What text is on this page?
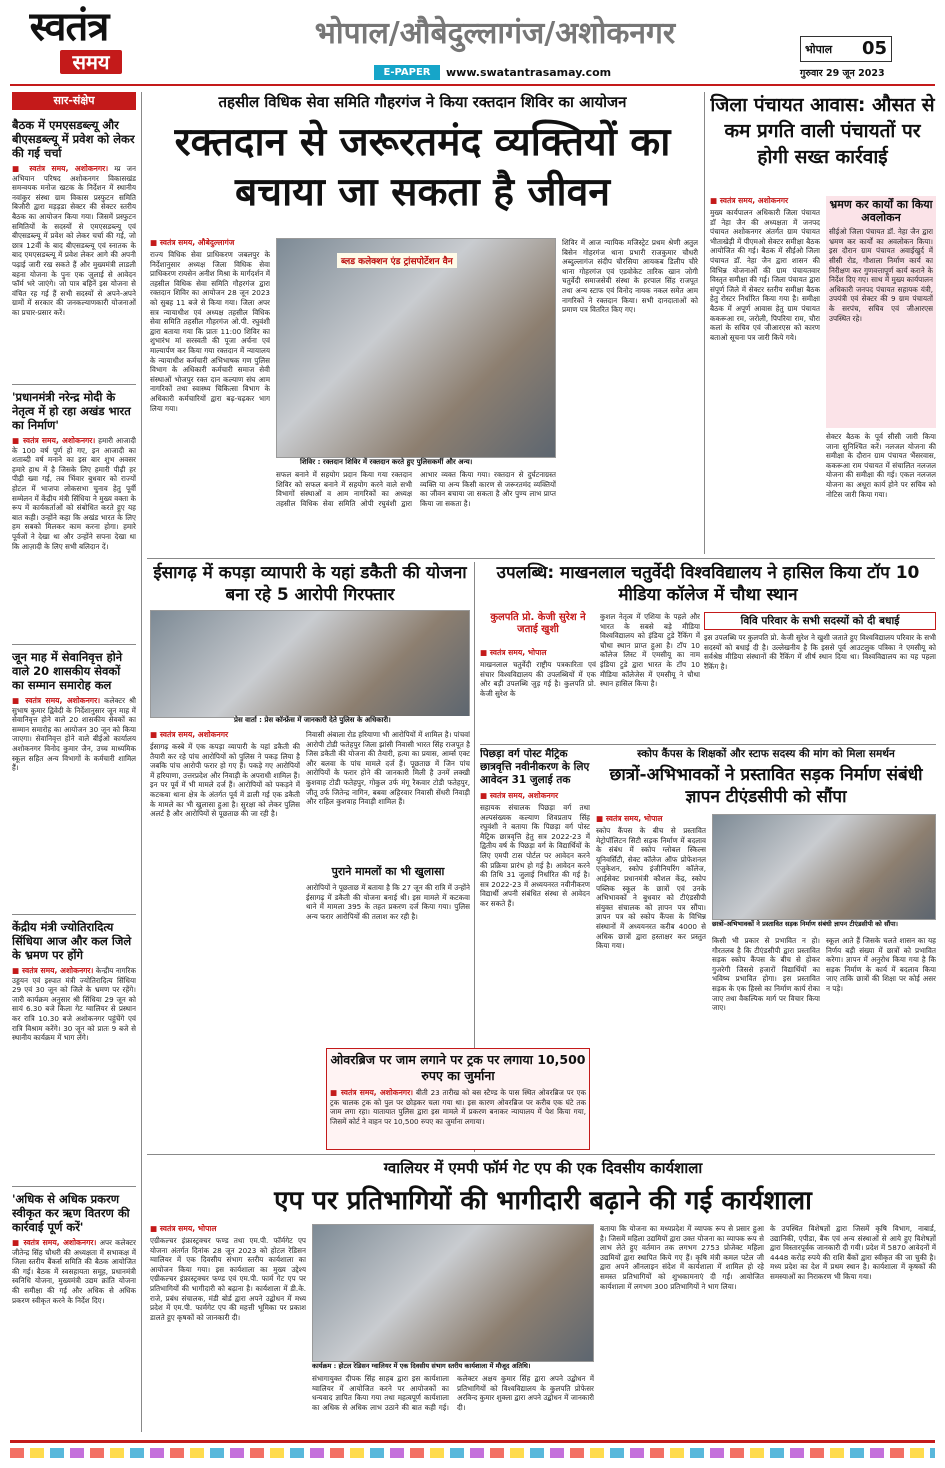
स्वतंत्र
समय
भोपाल/औबेदुल्लागंज/अशोकनगर
E-PAPER	www.swatantrasamay.com
भोपाल 05
गुरुवार 29 जून 2023
सार-संक्षेप
बैठक में एमएसडब्ल्यू और बीएसडब्ल्यू में प्रवेश को लेकर की गई चर्चा
■ स्वतंत्र समय, अशोकनगर। म्प्र जन अभियान परिषद अशोकनगर विकासखंड समन्वयक मनोज खटक के निर्देशन में स्थानीय नवांकुर संस्था ग्राम विकास प्रस्फुटन समिति बिजौरी द्वारा मड़ड़डा सेक्टर की सेक्टर स्तरीय बैठक का आयोजन किया गया। जिसमें प्रस्फुटन समितियों के सदस्यों से एमएसडब्ल्यू एवं बीएसडब्ल्यू में प्रवेश को लेकर चर्चा की गई, जो छात्र 12वीं के बाद बीएसडब्ल्यू एवं स्नातक के बाद एमएसडब्ल्यू में प्रवेश लेकर आगे की अपनी पढ़ाई जारी रख सकते हैं और मुख्यमंत्री लाडली बहना योजना के पुनः एक जुलाई से आवेदन फॉर्म भरे जाएंगे। जो पात्र बहिनें इस योजना से वंचित रह गई हैं सभी सदस्यों से अपने-अपने ग्रामों में सरकार की जनकल्याणकारी योजनाओं का प्रचार-प्रसार करें।
'प्रधानमंत्री नरेन्द्र मोदी के नेतृत्व में हो रहा अखंड भारत का निर्माण'
■ स्वतंत्र समय, अशोकनगर। हमारी आजादी के 100 वर्ष पूर्ण हो गए, इन आजादी का शताब्दी वर्ष मनाने का इस बार शुभ अवसर हमारे हाथ में है जिसके लिए हमारी पीढ़ी हर पीढ़ी ख्वा गई, तब भिंवार बुधवार को राज्यों होटल में भाजपा लोकसभा चुनाव हेतु पूर्वी सम्मेलन में केंद्रीय मंत्री सिंधिया ने मुख्य वक्ता के रूप में कार्यकर्ताओं को संबोधित करते हुए यह बात कही। उन्होंने कहा कि अखंड भारत के लिए हम सबको मिलकर काम करना होगा। हमारे पूर्वजों ने देखा था और उन्होंने सपना देखा था कि आज़ादी के लिए सभी बलिदान दें।
जून माह में सेवानिवृत्त होने वाले 20 शासकीय सेवकों का सम्मान समारोह कल
■ स्वतंत्र समय, अशोकनगर। कलेक्टर श्री सुभाष कुमार द्विवेदी के निर्देशानुसार जून माह में सेवानिवृत्त होने वाले 20 शासकीय सेवकों का सम्मान समारोह का आयोजन 30 जून को किया जाएगा। सेवानिवृत्त होने वाले बीईओ कार्यालय अशोकनगर विनोद कुमार जैन, उच्च माध्यमिक स्कूल सहित अन्य विभागों के कर्मचारी शामिल हैं।
केंद्रीय मंत्री ज्योतिरादित्य सिंधिया आज और कल जिले के भ्रमण पर होंगे
■ स्वतंत्र समय, अशोकनगर। केन्द्रीय नागरिक उड्डयन एवं इस्पात मंत्री ज्योतिरादित्य सिंधिया 29 एवं 30 जून को जिले के भ्रमण पर रहेंगे। जारी कार्यक्रम अनुसार श्री सिंधिया 29 जून को सायं 6.30 बजे किला गेट ग्वालियर से प्रस्थान कर रात्रि 10.30 बजे अशोकनगर पहुंचेंगे एवं रात्रि विश्राम करेंगे। 30 जून को प्रातः 9 बजे से स्थानीय कार्यक्रम में भाग लेंगे।
'अधिक से अधिक प्रकरण स्वीकृत कर ऋण वितरण की कार्रवाई पूर्ण करें'
■ स्वतंत्र समय, अशोकनगर। अपर कलेक्टर जीतेन्द्र सिंह चौधरी की अध्यक्षता में सभाकक्ष में जिला स्तरीय बैंकर्स समिति की बैठक आयोजित की गई। बैठक में स्वसहायता समूह, प्रधानमंत्री स्वनिधि योजना, मुख्यमंत्री उद्यम क्रांति योजना की समीक्षा की गई और अधिक से अधिक प्रकरण स्वीकृत करने के निर्देश दिए।
तहसील विधिक सेवा समिति गौहरगंज ने किया रक्तदान शिविर का आयोजन
रक्तदान से जरूरतमंद व्यक्तियों का बचाया जा सकता है जीवन
■ स्वतंत्र समय, औबेदुल्लागंज
राज्य विधिक सेवा प्राधिकरण जबलपुर के निर्देशानुसार अध्यक्ष जिला विधिक सेवा प्राधिकरण रायसेन अनीश मिश्रा के मार्गदर्शन में तहसील विधिक सेवा समिति गौहरगंज द्वारा रक्तदान शिविर का आयोजन 28 जून 2023 को सुबह 11 बजे से किया गया। जिला अपर सत्र न्यायाधीश एवं अध्यक्ष तहसील विधिक सेवा समिति तहसील गौहरगंज ओ.पी. रघुवंशी द्वारा बताया गया कि प्रातः 11:00 शिविर का शुभारंभ मां सरस्वती की पूजा अर्चना एवं माल्यार्पण कर किया गया रक्तदान में न्यायालय के न्यायाधीश कर्मचारी अभिभाषक गण पुलिस विभाग के अधिकारी कर्मचारी समाज सेवी संस्थाओं भोजपुर रक्त दान कल्याण संघ आम नागरिकों तथा स्वास्थ्य चिकित्सा विभाग के अधिकारी कर्मचारियों द्वारा बढ़-चढ़कर भाग लिया गया।
ब्लड कलेक्शन एंड ट्रांसपोर्टेशन वैन
शिविर : रक्तदान शिविर में रक्तदान करते हुए पुलिसकर्मी और अन्य।
सफल बनाने में सहयोग प्रदान किया गया रक्तदान शिविर को सफल बनाने में सहयोग करने वाले सभी विभागों संस्थाओं व आम नागरिकों का अध्यक्ष तहसील विधिक सेवा समिति ओपी रघुवंशी द्वारा आभार व्यक्त किया गया। रक्तदान से दुर्घटनाग्रस्त व्यक्ति या अन्य किसी कारण से जरूरतमंद व्यक्तियों का जीवन बचाया जा सकता है और पुण्य लाभ प्राप्त किया जा सकता है।
शिविर में आज न्यायिक मजिस्ट्रेट प्रथम श्रेणी अतुल बिसेन गोहरगंज थाना प्रभारी राजकुमार चौधरी अब्दुल्लागंज संदीप चौरसिया आयकब डिलीप चौरे थाना गोहरगंज एवं एडवोकेट तारिक खान जोगी चतुर्वेदी समाजसेवी संस्था के हरपाल सिंह राजपूत तथा अन्य स्टाफ एवं विनोद नायक नकल समेत आम नागरिकों ने रक्तदान किया। सभी दानदाताओं को प्रमाण पत्र वितरित किए गए।
जिला पंचायत आवास: औसत से कम प्रगति वाली पंचायतों पर होगी सख्त कार्रवाई
■ स्वतंत्र समय, अशोकनगर
मुख्य कार्यपालन अधिकारी जिला पंचायत डॉ नेहा जैन की अध्यक्षता में जनपद पंचायत अशोकनगर अंतर्गत ग्राम पंचायत भीताखेड़ी में पीएमओ सेक्टर समीक्षा बैठक आयोजित की गई। बैठक में सीईओ जिला पंचायत डॉ. नेहा जैन द्वारा शासन की विभिन्न योजनाओं की ग्राम पंचायतवार विस्तृत समीक्षा की गई। जिला पंचायत द्वारा संपूर्ण जिले में सेक्टर स्तरीय समीक्षा बैठक हेतु रोस्टर निर्धारित किया गया है। समीक्षा बैठक में अपूर्ण आवास हेतु ग्राम पंचायत ककरूआ रम, जरोली, पिपरिया राम, चौरा कलां के सचिव एवं जीआरएस को कारण बताओ सूचना पत्र जारी किये गये।
भ्रमण कर कार्यों का किया अवलोकन
सीईओ जिला पंचायत डॉ. नेहा जैन द्वारा भ्रमण कर कार्यों का अवलोकन किया। इस दौरान ग्राम पंचायत अवाईखुर्द में सीसी रोड, गौशाला निर्माण कार्य का निरीक्षण कर गुणवत्तापूर्ण कार्य कराने के निर्देश दिए गए। साथ में मुख्य कार्यपालन अधिकारी जनपद पंचायत सहायक यंत्री, उपयंत्री एवं सेक्टर की 9 ग्राम पंचायतों के सरपंच, सचिव एवं जीआरएस उपस्थित रहे।
सेक्टर बैठक के पूर्व सीसी जारी किया जाना सुनिश्चित करें। नलजल योजना की समीक्षा के दौरान ग्राम पंचायत भैंसरवास, ककरूआ राम पंचायत में संचालित नलजल योजना की समीक्षा की गई। एकल नलजल योजना का अधूरा कार्य होने पर सचिव को नोटिस जारी किया गया।
ईसागढ़ में कपड़ा व्यापारी के यहां डकैती की योजना बना रहे 5 आरोपी गिरफ्तार
प्रेस वार्ता : प्रेस कॉन्फ्रेंस में जानकारी देते पुलिस के अधिकारी।
■ स्वतंत्र समय, अशोकनगर
ईसागढ़ कस्बे में एक कपड़ा व्यापारी के यहां डकैती की तैयारी कर रहे पांच आरोपियों को पुलिस ने पकड़ लिया है जबकि पांच आरोपी फरार हो गए हैं। पकड़े गए आरोपियों में हरियाणा, उत्तरप्रदेश और निवाड़ी के अपराधी शामिल हैं। इन पर पूर्व में भी मामले दर्ज हैं। आरोपियों को पकड़ने में कटकवा थाना क्षेत्र के अंतर्गत पूर्व में डाली गई एक डकैती के मामले का भी खुलासा हुआ है। सुरक्षा को लेकर पुलिस अलर्ट है और आरोपियों से पूछताछ की जा रही है।
निवासी अंबाला रोड हरियाणा भी आरोपियों में शामिल है। पांचवां आरोपी टोडी फतेहपुर जिला झांसी निवासी भारत सिंह राजपूत है जिस डकैती की योजना की तैयारी, हत्या का प्रयास, आर्म्स एक्ट और बलवा के पांच मामले दर्ज हैं। पूछताछ में जिन पांच आरोपियों के फरार होने की जानकारी मिली है उनमें लक्खी कुशवाह टोडी फतेहपुर, गोकुल उर्फ मंगू रैकवार टोडी फतेहपुर, जीतू उर्फ जितेन्द्र नागिन, बबवा अहिरवार निवासी सेंधरी निवाड़ी और राहिल कुशवाह निवाड़ी शामिल हैं।
पुराने मामलों का भी खुलासा
आरोपियों ने पूछताछ में बताया है कि 27 जून की रात्रि में उन्होंने ईसागढ़ में डकैती की योजना बनाई थी। इस मामले में कटकवा थाने में मामला 395 के तहत प्रकरण दर्ज किया गया। पुलिस अन्य फरार आरोपियों की तलाश कर रही है।
उपलब्धि: माखनलाल चतुर्वेदी विश्वविद्यालय ने हासिल किया टॉप 10 मीडिया कॉलेज में चौथा स्थान
कुलपति प्रो. केजी सुरेश ने जताई खुशी
■ स्वतंत्र समय, भोपाल
माखनलाल चतुर्वेदी राष्ट्रीय पत्रकारिता एवं संचार विश्वविद्यालय की उपलब्धियों में एक और बड़ी उपलब्धि जुड़ गई है। कुलपति प्रो. केजी सुरेश के
कुशल नेतृत्व में एशिया के पहले और भारत के सबसे बड़े मीडिया विश्वविद्यालय को इंडिया टुडे रैंकिंग में चौथा स्थान प्राप्त हुआ है। टॉप 10 कॉलेज लिस्ट में एमसीयू का नाम इंडिया टुडे द्वारा भारत के टॉप 10 मीडिया कॉलेजेस में एमसीयू ने चौथा स्थान हासिल किया है।
विवि परिवार के सभी सदस्यों को दी बधाई
इस उपलब्धि पर कुलपति प्रो. केजी सुरेश ने खुशी जताते हुए विश्वविद्यालय परिवार के सभी सदस्यों को बधाई दी है। उल्लेखनीय है कि इससे पूर्व आउटलुक पत्रिका ने एमसीयू को सर्वश्रेष्ठ मीडिया संस्थानों की रैंकिंग में शीर्ष स्थान दिया था। विश्वविद्यालय का यह पहला रैंकिंग है।
पिछड़ा वर्ग पोस्ट मैट्रिक छात्रवृत्ति नवीनीकरण के लिए आवेदन 31 जुलाई तक
■ स्वतंत्र समय, अशोकनगर
सहायक संचालक पिछड़ा वर्ग तथा अल्पसंख्यक कल्याण शिवप्रताप सिंह रघुवंशी ने बताया कि पिछड़ा वर्ग पोस्ट मैट्रिक छात्रवृत्ति हेतु सत्र 2022-23 में द्वितीय वर्ष के पिछड़ा वर्ग के विद्यार्थियों के लिए एमपी टास पोर्टल पर आवेदन करने की प्रक्रिया प्रारंभ हो गई है। आवेदन करने की तिथि 31 जुलाई निर्धारित की गई है। सत्र 2022-23 में अध्ययनरत नवीनीकरण विद्यार्थी अपनी संबंधित संस्था से आवेदन कर सकते हैं।
स्कोप कैंपस के शिक्षकों और स्टाफ सदस्य की मांग को मिला समर्थन
छात्रों-अभिभावकों ने प्रस्तावित सड़क निर्माण संबंधी ज्ञापन टीएंडसीपी को सौंपा
■ स्वतंत्र समय, भोपाल
स्कोप कैंपस के बीच से प्रस्तावित मेट्रोपॉलिटन सिटी सड़क निर्माण में बदलाव के संबंध में स्कोप ग्लोबल स्किल्स यूनिवर्सिटी, सेक्ट कॉलेज ऑफ प्रोफेशनल एजुकेशन, स्कोप इंजीनियरिंग कॉलेज, आईसेक्ट प्रधानमंत्री कौशल केंद्र, स्कोप पब्लिक स्कूल के छात्रों एवं उनके अभिभावकों ने बुधवार को टीएंडसीपी संयुक्त संचालक को ज्ञापन पत्र सौंपा। ज्ञापन पत्र को स्कोप कैंपस के विभिन्न संस्थानों में अध्ययनरत करीब 4000 से अधिक छात्रों द्वारा हस्ताक्षर कर प्रस्तुत किया गया।
छात्रों-अभिभावकों ने प्रस्तावित सड़क निर्माण संबंधी ज्ञापन टीएंडसीपी को सौंपा।
किसी भी प्रकार से प्रभावित न हो। गौरतलब है कि टीएंडसीपी द्वारा प्रस्तावित सड़क स्कोप कैंपस के बीच से होकर गुजरेगी जिससे हजारों विद्यार्थियों का भविष्य प्रभावित होगा। इस प्रस्तावित सड़क के एक हिस्से का निर्माण कार्य रोका जाए तथा वैकल्पिक मार्ग पर विचार किया जाए।
स्कूल आते हैं जिसके चलते शासन का यह निर्णय बड़ी संख्या में छात्रों को प्रभावित करेगा। ज्ञापन में अनुरोध किया गया है कि सड़क निर्माण के कार्य में बदलाव किया जाए ताकि छात्रों की शिक्षा पर कोई असर न पड़े।
ओवरब्रिज पर जाम लगाने पर ट्रक पर लगाया 10,500 रुपए का जुर्माना
■ स्वतंत्र समय, अशोकनगर। बीती 23 तारीख को बस स्टैण्ड के पास स्थित ओवरब्रिज पर एक ट्रक चालक ट्रक को पुल पर छोड़कर चला गया था। इस कारण ओवरब्रिज पर करीब एक घंटे तक जाम लगा रहा। यातायात पुलिस द्वारा इस मामले में प्रकरण बनाकर न्यायालय में पेश किया गया, जिसमें कोर्ट ने वाहन पर 10,500 रुपए का जुर्माना लगाया।
ग्वालियर में एमपी फॉर्म गेट एप की एक दिवसीय कार्यशाला
एप पर प्रतिभागियों की भागीदारी बढ़ाने की गई कार्यशाला
■ स्वतंत्र समय, भोपाल
एग्रीकल्चर इंफ्रास्ट्रक्चर फण्ड तथा एम.पी. फॉर्मगेट एप योजना अंतर्गत दिनांक 28 जून 2023 को होटल रेडिसन ग्वालियर में एक दिवसीय संभाग स्तरीय कार्यशाला का आयोजन किया गया। इस कार्यशाला का मुख्य उद्देश्य एग्रीकल्चर इंफ्रास्ट्रक्चर फण्ड एवं एम.पी. फार्म गेट एप पर प्रतिभागियों की भागीदारी को बढ़ाना है। कार्यशाला में डी.के. राजे, प्रबंध संचालक, मंडी बोर्ड द्वारा अपने उद्बोधन में मध्य प्रदेश में एम.पी. फार्मगेट एप की महत्ती भूमिका पर प्रकाश डालते हुए कृषकों को जानकारी दी।
कार्यक्रम : होटल रेडिसन ग्वालियर में एक दिवसीय संभाग स्तरीय कार्यशाला में मौजूद अतिथि।
संभागायुक्त दीपक सिंह साहब द्वारा इस कार्यशाला ग्वालियर में आयोजित करने पर आयोजकों का धन्यवाद ज्ञापित किया गया तथा महत्वपूर्ण कार्यशाला का अधिक से अधिक लाभ उठाने की बात कही गई। कलेक्टर अक्षय कुमार सिंह द्वारा अपने उद्बोधन में प्रतिभागियों को विश्वविद्यालय के कुलपति प्रोफेसर अरविन्द कुमार शुक्ला द्वारा अपने उद्बोधन में जानकारी दी।
बताया कि योजना का मध्यप्रदेश में व्यापक रूप से प्रसार हुआ है। जिसमें महिला उद्यमियों द्वारा उक्त योजना का व्यापक रूप से लाभ लेते हुए वर्तमान तक लगभग 2753 प्रोजेक्ट महिला उद्यमियों द्वारा स्थापित किये गए हैं। कृषि मंत्री कमल पटेल जी द्वारा अपने ऑनलाइन संदेश में कार्यशाला में शामिल हो रहे समस्त प्रतिभागियों को शुभकामनाएं दी गईं। आयोजित कार्यशाला में लगभग 300 प्रतिभागियों ने भाग लिया।
के उपस्थित विशेषज्ञों द्वारा जिसमें कृषि विभाग, नाबार्ड, उद्यानिकी, एपीडा, बैंक एवं अन्य संस्थाओं से आये हुए विशेषज्ञों द्वारा विस्तारपूर्वक जानकारी दी गयी। प्रदेश में 5870 आवेदनों में 4448 करोड़ रुपये की राशि बैंकों द्वारा स्वीकृत की जा चुकी है। मध्य प्रदेश का देश में प्रथम स्थान है। कार्यशाला में कृषकों की समस्याओं का निराकरण भी किया गया।
